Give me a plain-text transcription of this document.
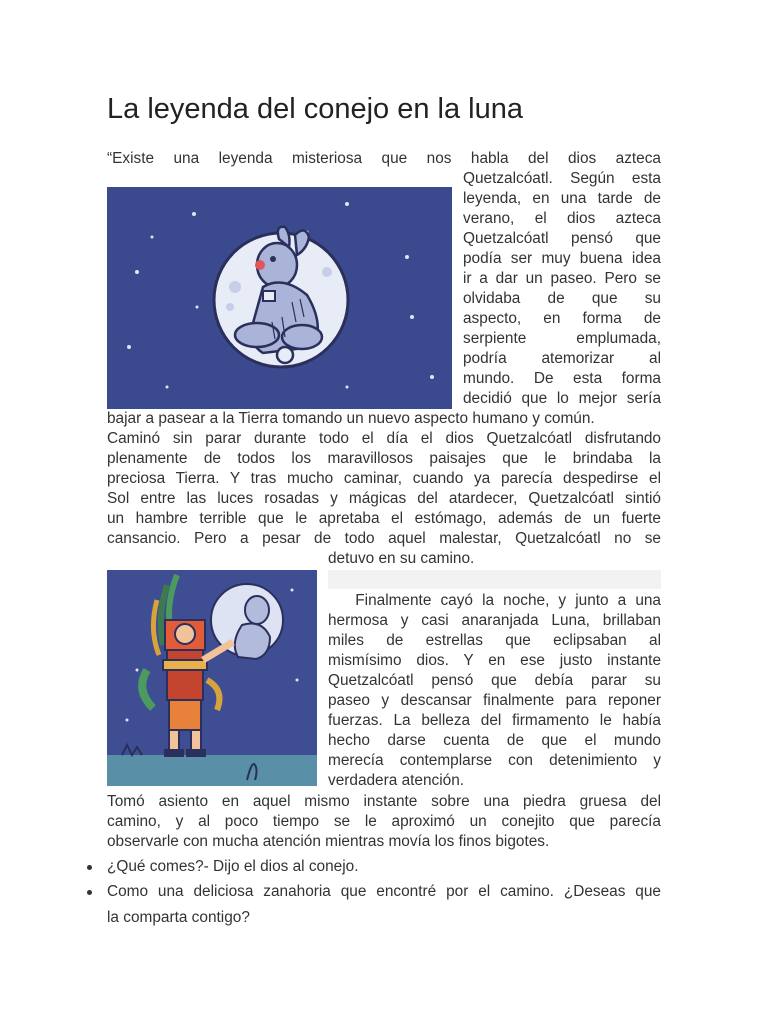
La leyenda del conejo en la luna
“Existe una leyenda misteriosa que nos habla del dios azteca
Quetzalcóatl. Según esta
leyenda, en una tarde de
verano, el dios azteca
Quetzalcóatl pensó que
podía ser muy buena idea
ir a dar un paseo. Pero se
olvidaba de que su
aspecto, en forma de
serpiente emplumada,
podría atemorizar al
mundo. De esta forma
decidió que lo mejor sería
bajar a pasear a la Tierra tomando un nuevo aspecto humano y común.
Caminó sin parar durante todo el día el dios Quetzalcóatl disfrutando
plenamente de todos los maravillosos paisajes que le brindaba la
preciosa Tierra. Y tras mucho caminar, cuando ya parecía despedirse el
Sol entre las luces rosadas y mágicas del atardecer, Quetzalcóatl sintió
un hambre terrible que le apretaba el estómago, además de un fuerte
cansancio. Pero a pesar de todo aquel malestar, Quetzalcóatl no se
detuvo en su camino.
Finalmente cayó la noche, y junto a una
hermosa y casi anaranjada Luna, brillaban
miles de estrellas que eclipsaban al
mismísimo dios. Y en ese justo instante
Quetzalcóatl pensó que debía parar su
paseo y descansar finalmente para reponer
fuerzas. La belleza del firmamento le había
hecho darse cuenta de que el mundo
merecía contemplarse con detenimiento y
verdadera atención.
Tomó asiento en aquel mismo instante sobre una piedra gruesa del
camino, y al poco tiempo se le aproximó un conejito que parecía
observarle con mucha atención mientras movía los finos bigotes.
¿Qué comes?- Dijo el dios al conejo.
Como una deliciosa zanahoria que encontré por el camino. ¿Deseas que
la comparta contigo?
